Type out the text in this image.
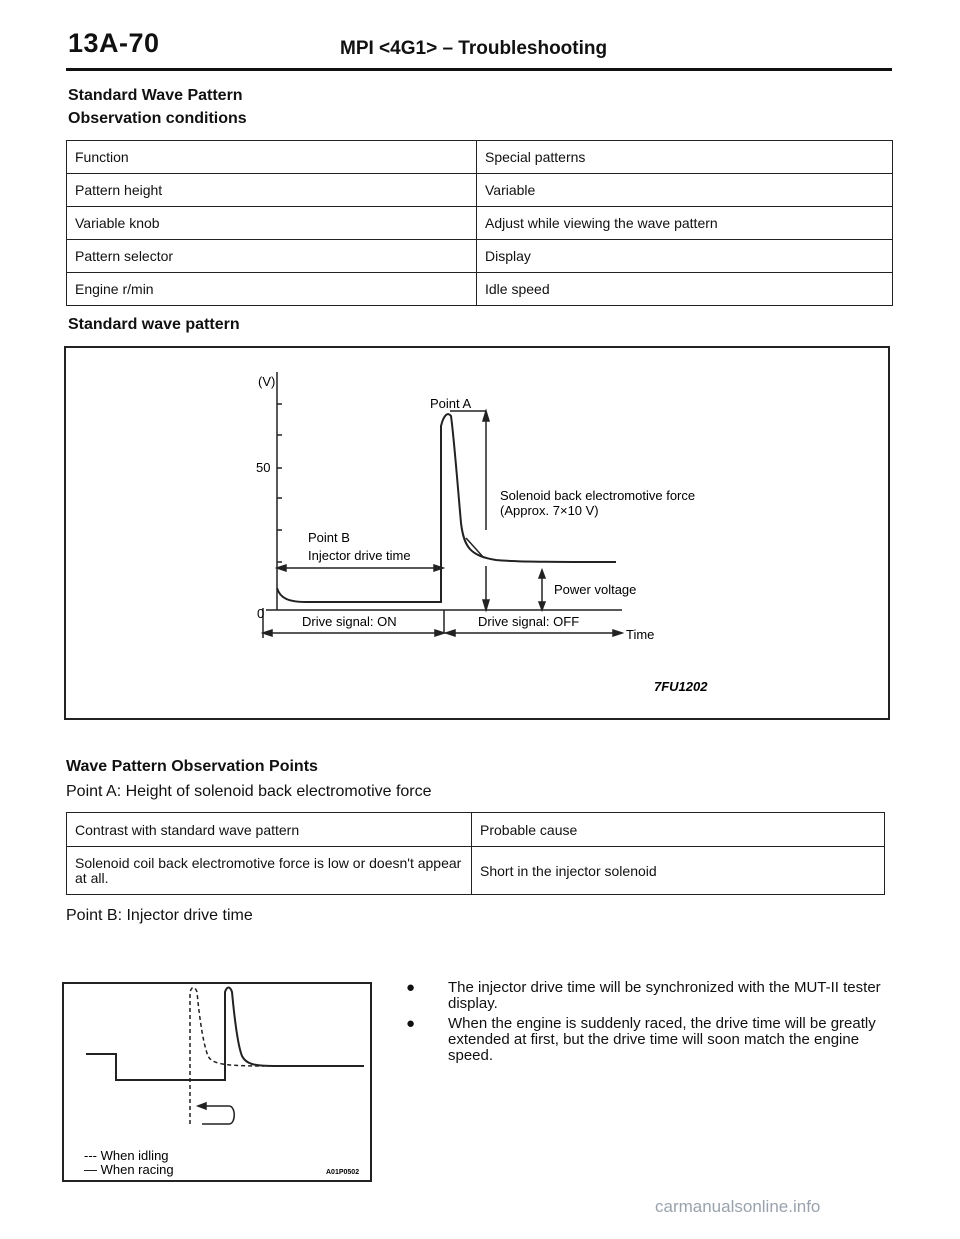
13A-70	MPI <4G1> – Troubleshooting
Standard Wave Pattern
Observation conditions
Function	Special patterns
Pattern height	Variable
Variable knob	Adjust while viewing the wave pattern
Pattern selector	Display
Engine r/min	Idle speed
Standard wave pattern
(V)
50
0
Point A
Solenoid back electromotive force
(Approx. 7×10 V)
Point B
Injector drive time
Power voltage
Drive signal: ON	Drive signal: OFF
Time
7FU1202
Wave Pattern Observation Points
Point A: Height of solenoid back electromotive force
Contrast with standard wave pattern	Probable cause
Solenoid coil back electromotive force is low or doesn't appear at all.	Short in the injector solenoid
Point B: Injector drive time
--- When idling
— When racing	A01P0502
● The injector drive time will be synchronized with the MUT-II tester display.
● When the engine is suddenly raced, the drive time will be greatly extended at first, but the drive time will soon match the engine speed.
carmanualsonline.info
